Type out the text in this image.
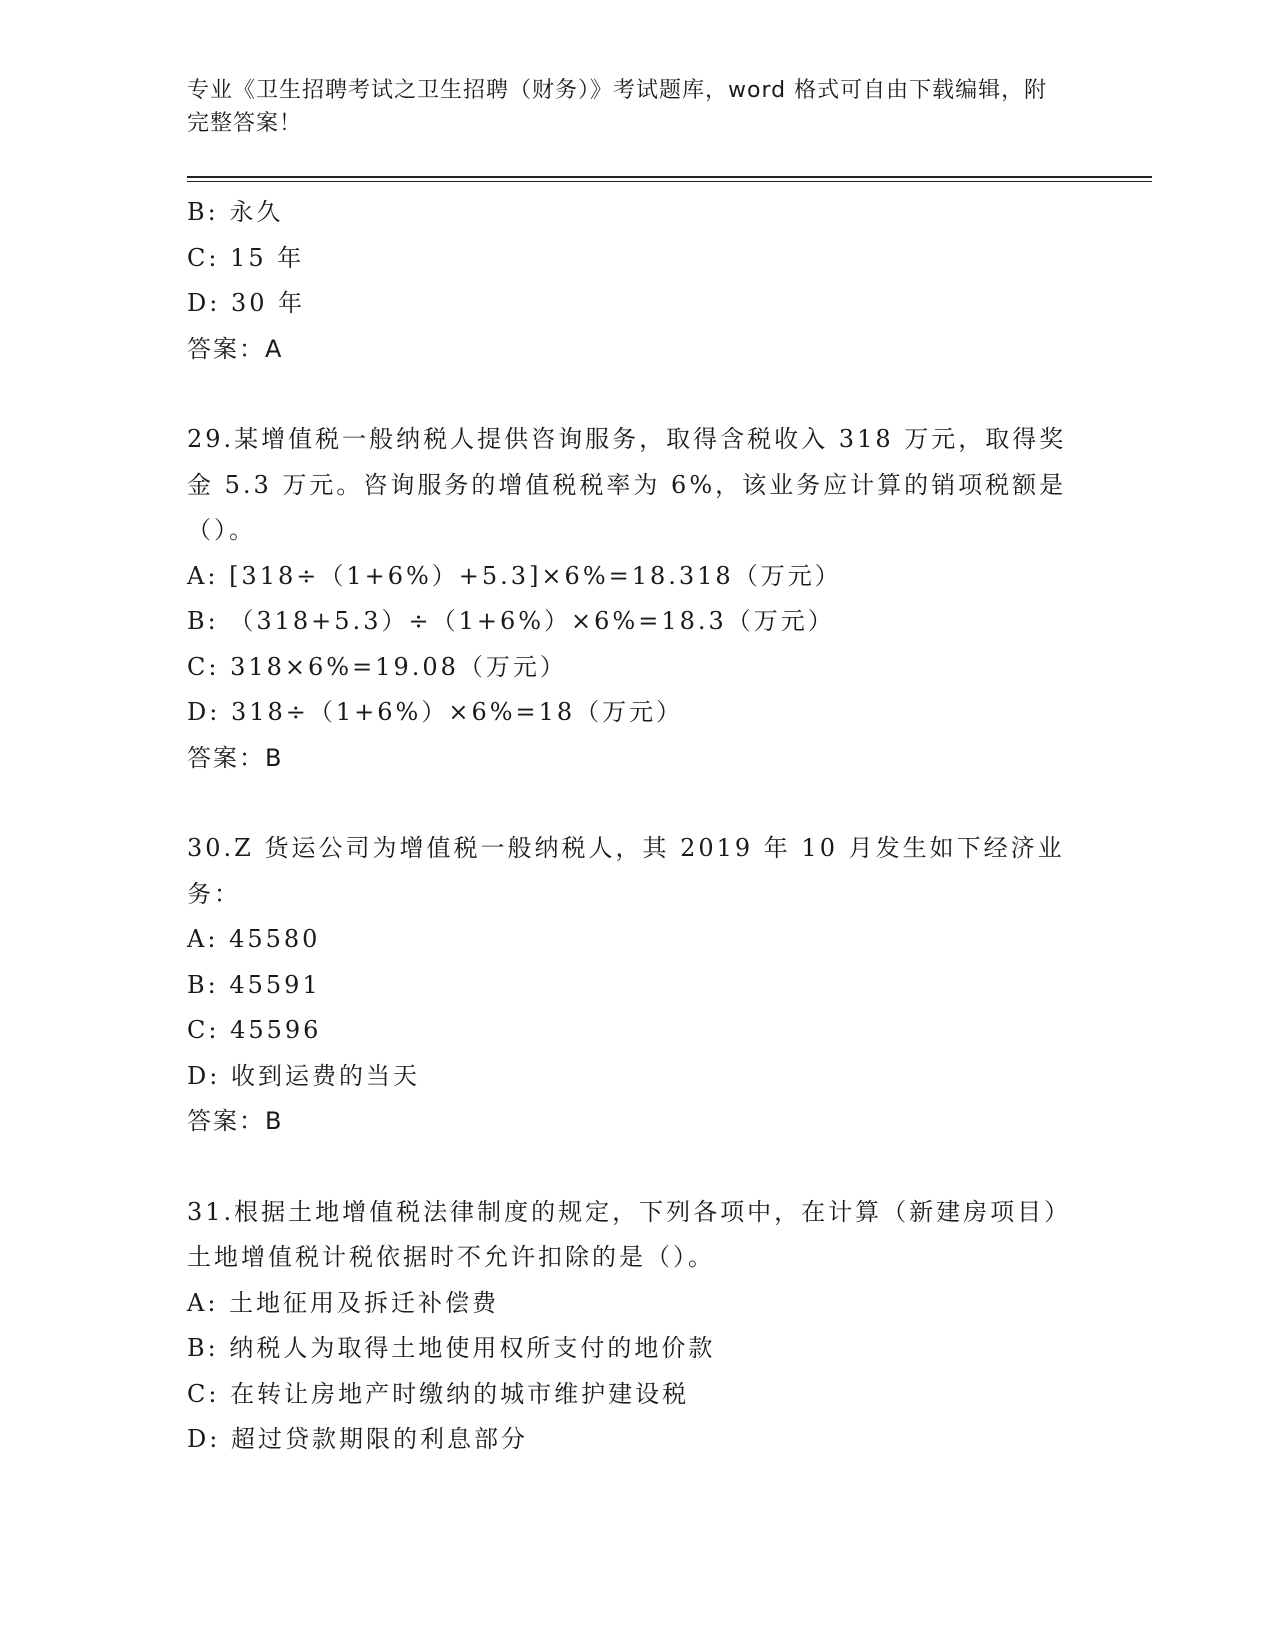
专业《卫生招聘考试之卫生招聘（财务）》考试题库，word 格式可自由下载编辑，附完整答案！
B: 永久
C: 15 年
D: 30 年
答案：A
29.某增值税一般纳税人提供咨询服务，取得含税收入 318 万元，取得奖金 5.3 万元。咨询服务的增值税税率为 6%，该业务应计算的销项税额是（）。
A: [318÷（1+6%）+5.3]×6%=18.318（万元）
B: （318+5.3）÷（1+6%）×6%=18.3（万元）
C: 318×6%=19.08（万元）
D: 318÷（1+6%）×6%=18（万元）
答案：B
30.Z 货运公司为增值税一般纳税人，其 2019 年 10 月发生如下经济业务：
A: 45580
B: 45591
C: 45596
D: 收到运费的当天
答案：B
31.根据土地增值税法律制度的规定，下列各项中，在计算（新建房项目）土地增值税计税依据时不允许扣除的是（）。
A: 土地征用及拆迁补偿费
B: 纳税人为取得土地使用权所支付的地价款
C: 在转让房地产时缴纳的城市维护建设税
D: 超过贷款期限的利息部分
